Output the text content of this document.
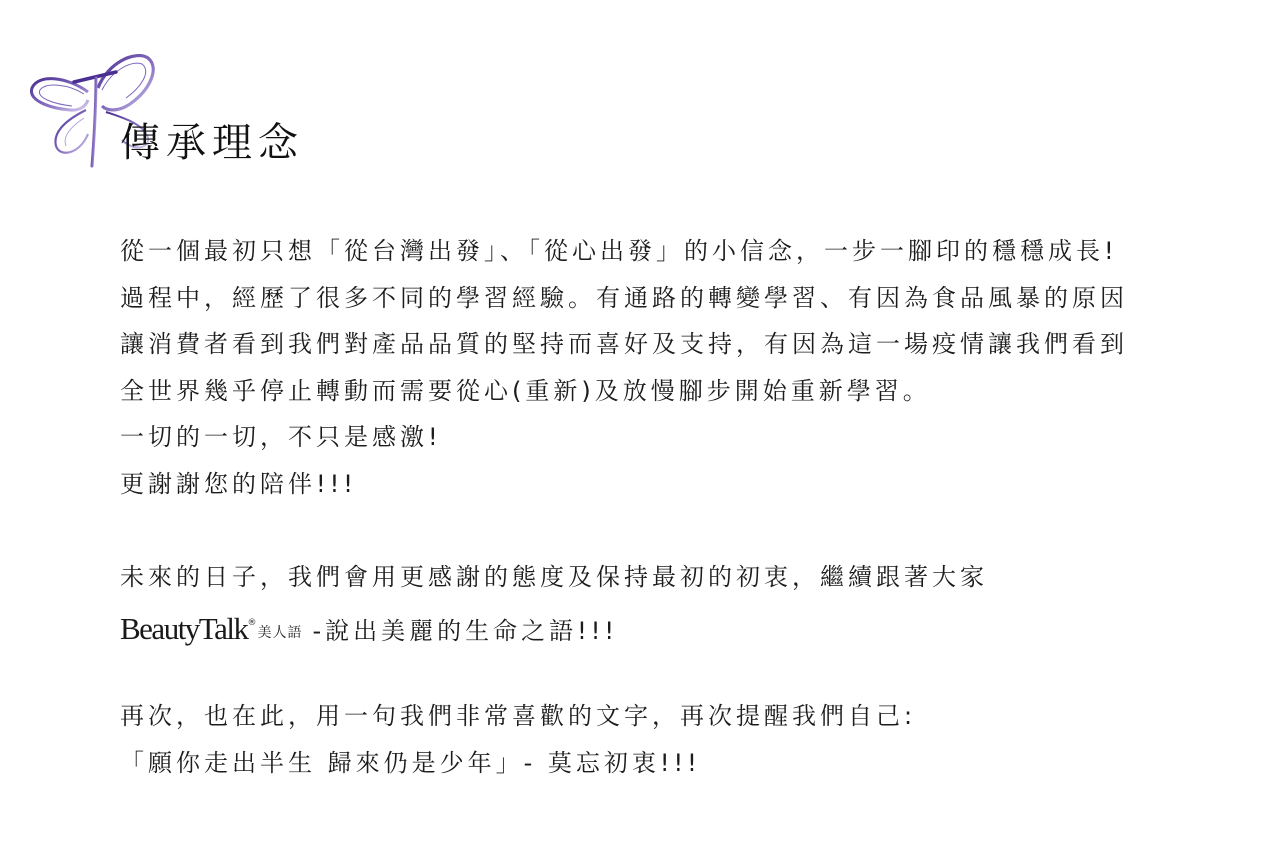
傳承理念
從一個最初只想「從台灣出發」、「從心出發」的小信念，一步一腳印的穩穩成長!
過程中，經歷了很多不同的學習經驗。有通路的轉變學習、有因為食品風暴的原因
讓消費者看到我們對產品品質的堅持而喜好及支持，有因為這一場疫情讓我們看到
全世界幾乎停止轉動而需要從心(重新)及放慢腳步開始重新學習。
一切的一切，不只是感激!
更謝謝您的陪伴!!!
未來的日子，我們會用更感謝的態度及保持最初的初衷，繼續跟著大家
BeautyTalk®美人語 -說出美麗的生命之語!!!
再次，也在此，用一句我們非常喜歡的文字，再次提醒我們自己:
「願你走出半生 歸來仍是少年」- 莫忘初衷!!!
